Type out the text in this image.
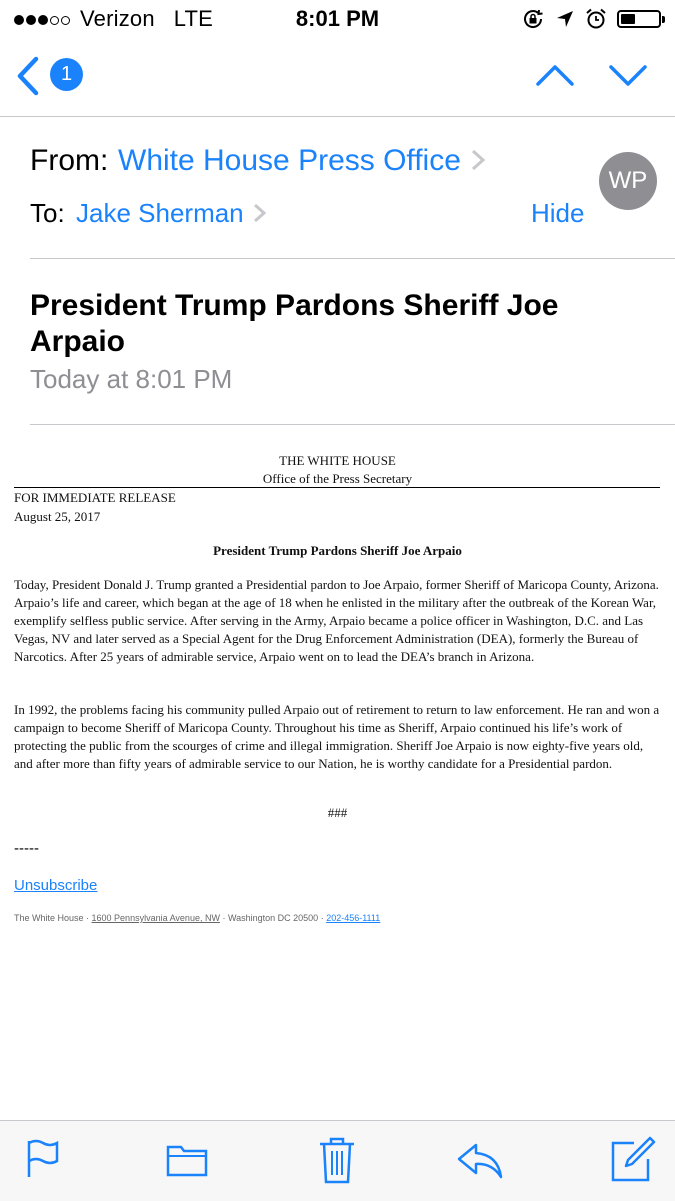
Verizon LTE	8:01 PM
1
From: White House Press Office
To: Jake Sherman	Hide
WP
President Trump Pardons Sheriff Joe Arpaio
Today at 8:01 PM
THE WHITE HOUSE
Office of the Press Secretary
FOR IMMEDIATE RELEASE
August 25, 2017
President Trump Pardons Sheriff Joe Arpaio
Today, President Donald J. Trump granted a Presidential pardon to Joe Arpaio, former Sheriff of Maricopa County, Arizona. Arpaio’s life and career, which began at the age of 18 when he enlisted in the military after the outbreak of the Korean War, exemplify selfless public service. After serving in the Army, Arpaio became a police officer in Washington, D.C. and Las Vegas, NV and later served as a Special Agent for the Drug Enforcement Administration (DEA), formerly the Bureau of Narcotics. After 25 years of admirable service, Arpaio went on to lead the DEA’s branch in Arizona.
In 1992, the problems facing his community pulled Arpaio out of retirement to return to law enforcement. He ran and won a campaign to become Sheriff of Maricopa County. Throughout his time as Sheriff, Arpaio continued his life’s work of protecting the public from the scourges of crime and illegal immigration. Sheriff Joe Arpaio is now eighty-five years old, and after more than fifty years of admirable service to our Nation, he is worthy candidate for a Presidential pardon.
###
-----
Unsubscribe
The White House · 1600 Pennsylvania Avenue, NW · Washington DC 20500 · 202-456-1111
